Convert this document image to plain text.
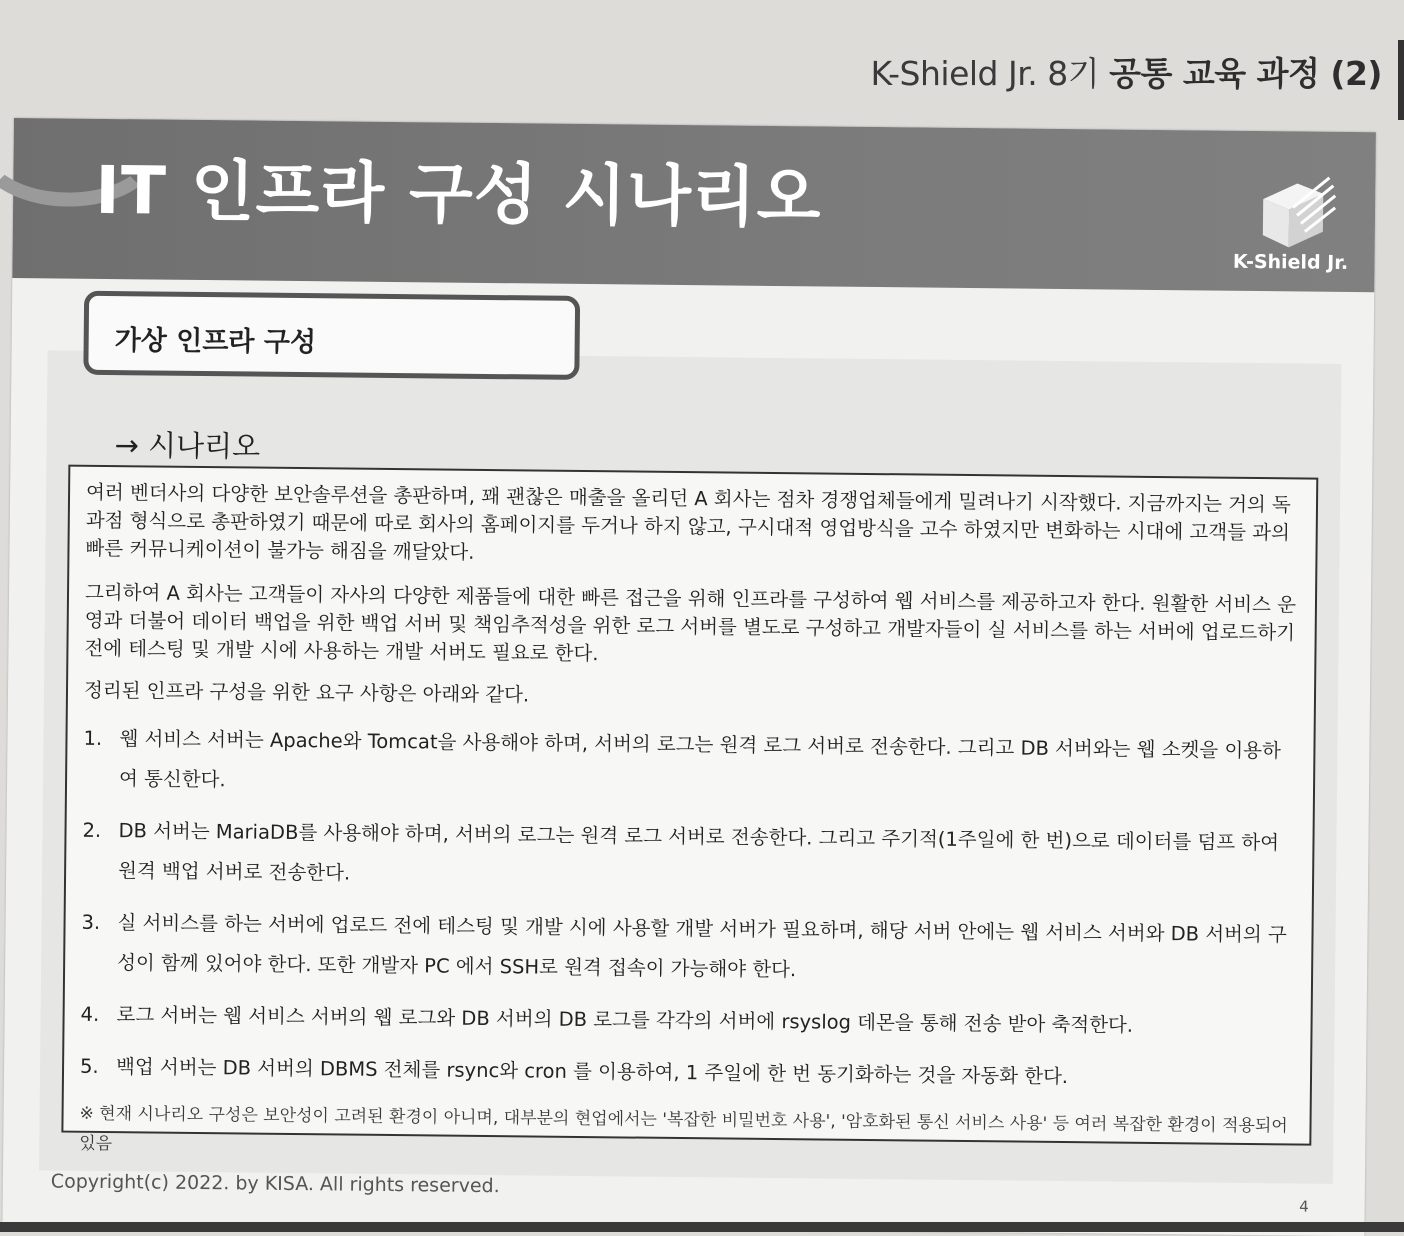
K-Shield Jr. 8기 공통 교육 과정 (2)
IT 인프라 구성 시나리오
K-Shield Jr.
가상 인프라 구성
→ 시나리오

여러 벤더사의 다양한 보안솔루션을 총판하며, 꽤 괜찮은 매출을 올리던 A 회사는 점차 경쟁업체들에게 밀려나기 시작했다. 지금까지는 거의 독과점 형식으로 총판하였기 때문에 따로 회사의 홈페이지를 두거나 하지 않고, 구시대적 영업방식을 고수 하였지만 변화하는 시대에 고객들 과의 빠른 커뮤니케이션이 불가능 해짐을 깨달았다.

그리하여 A 회사는 고객들이 자사의 다양한 제품들에 대한 빠른 접근을 위해 인프라를 구성하여 웹 서비스를 제공하고자 한다. 원활한 서비스 운영과 더불어 데이터 백업을 위한 백업 서버 및 책임추적성을 위한 로그 서버를 별도로 구성하고 개발자들이 실 서비스를 하는 서버에 업로드하기 전에 테스팅 및 개발 시에 사용하는 개발 서버도 필요로 한다.

정리된 인프라 구성을 위한 요구 사항은 아래와 같다.

1. 웹 서비스 서버는 Apache와 Tomcat을 사용해야 하며, 서버의 로그는 원격 로그 서버로 전송한다. 그리고 DB 서버와는 웹 소켓을 이용하여 통신한다.
2. DB 서버는 MariaDB를 사용해야 하며, 서버의 로그는 원격 로그 서버로 전송한다. 그리고 주기적(1주일에 한 번)으로 데이터를 덤프 하여 원격 백업 서버로 전송한다.
3. 실 서비스를 하는 서버에 업로드 전에 테스팅 및 개발 시에 사용할 개발 서버가 필요하며, 해당 서버 안에는 웹 서비스 서버와 DB 서버의 구성이 함께 있어야 한다. 또한 개발자 PC 에서 SSH로 원격 접속이 가능해야 한다.
4. 로그 서버는 웹 서비스 서버의 웹 로그와 DB 서버의 DB 로그를 각각의 서버에 rsyslog 데몬을 통해 전송 받아 축적한다.
5. 백업 서버는 DB 서버의 DBMS 전체를 rsync와 cron 를 이용하여, 1 주일에 한 번 동기화하는 것을 자동화 한다.
※ 현재 시나리오 구성은 보안성이 고려된 환경이 아니며, 대부분의 현업에서는 '복잡한 비밀번호 사용', '암호화된 통신 서비스 사용' 등 여러 복잡한 환경이 적용되어 있음
Copyright(c) 2022. by KISA. All rights reserved.
4
